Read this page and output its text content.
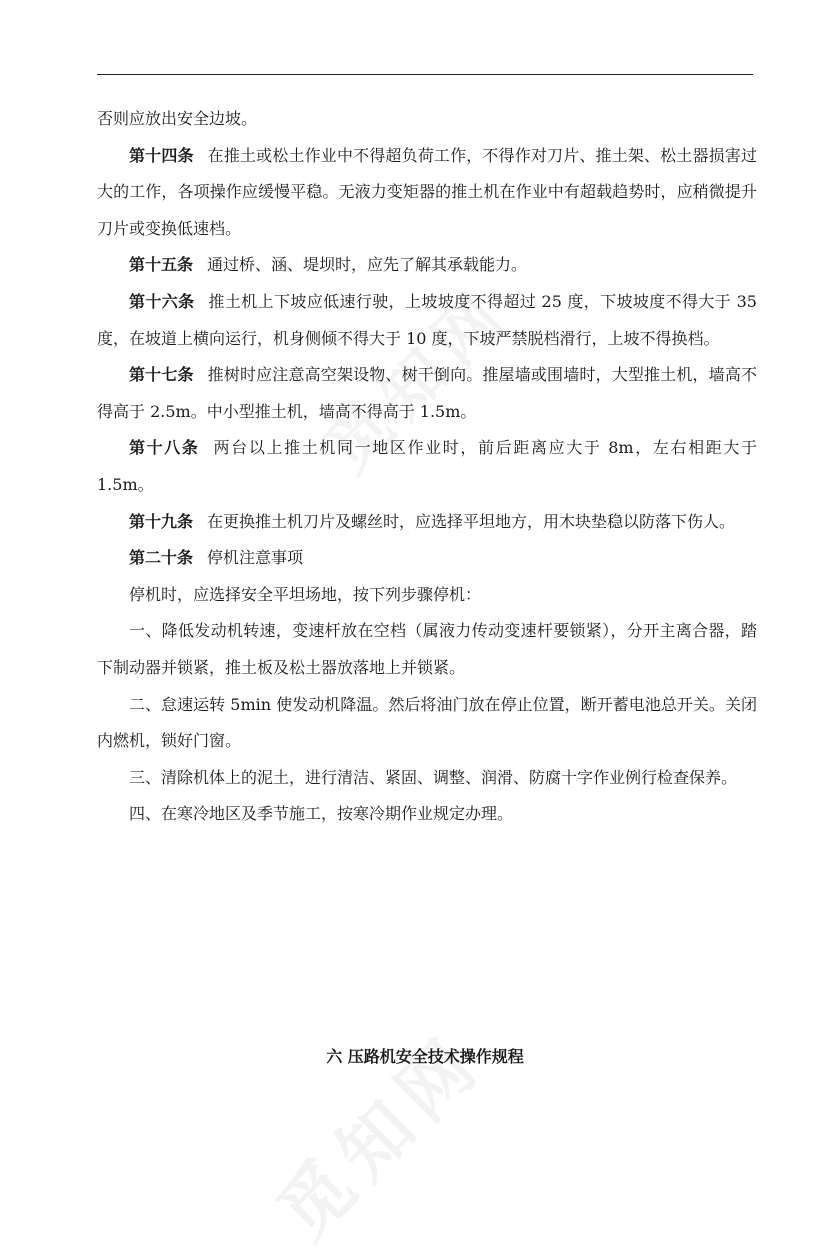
否则应放出安全边坡。

第十四条 在推土或松土作业中不得超负荷工作，不得作对刀片、推土架、松土器损害过大的工作，各项操作应缓慢平稳。无液力变矩器的推土机在作业中有超载趋势时，应稍微提升刀片或变换低速档。

第十五条 通过桥、涵、堤坝时，应先了解其承载能力。

第十六条 推土机上下坡应低速行驶，上坡坡度不得超过 25 度，下坡坡度不得大于 35 度，在坡道上横向运行，机身侧倾不得大于 10 度，下坡严禁脱档滑行，上坡不得换档。

第十七条 推树时应注意高空架设物、树干倒向。推屋墙或围墙时，大型推土机，墙高不得高于 2.5m。中小型推土机，墙高不得高于 1.5m。

第十八条 两台以上推土机同一地区作业时，前后距离应大于 8m，左右相距大于 1.5m。

第十九条 在更换推土机刀片及螺丝时，应选择平坦地方，用木块垫稳以防落下伤人。

第二十条 停机注意事项

停机时，应选择安全平坦场地，按下列步骤停机：

一、降低发动机转速，变速杆放在空档（属液力传动变速杆要锁紧），分开主离合器，踏下制动器并锁紧，推土板及松土器放落地上并锁紧。

二、怠速运转 5min 使发动机降温。然后将油门放在停止位置，断开蓄电池总开关。关闭内燃机，锁好门窗。

三、清除机体上的泥土，进行清洁、紧固、调整、润滑、防腐十字作业例行检查保养。

四、在寒冷地区及季节施工，按寒冷期作业规定办理。

六 压路机安全技术操作规程
